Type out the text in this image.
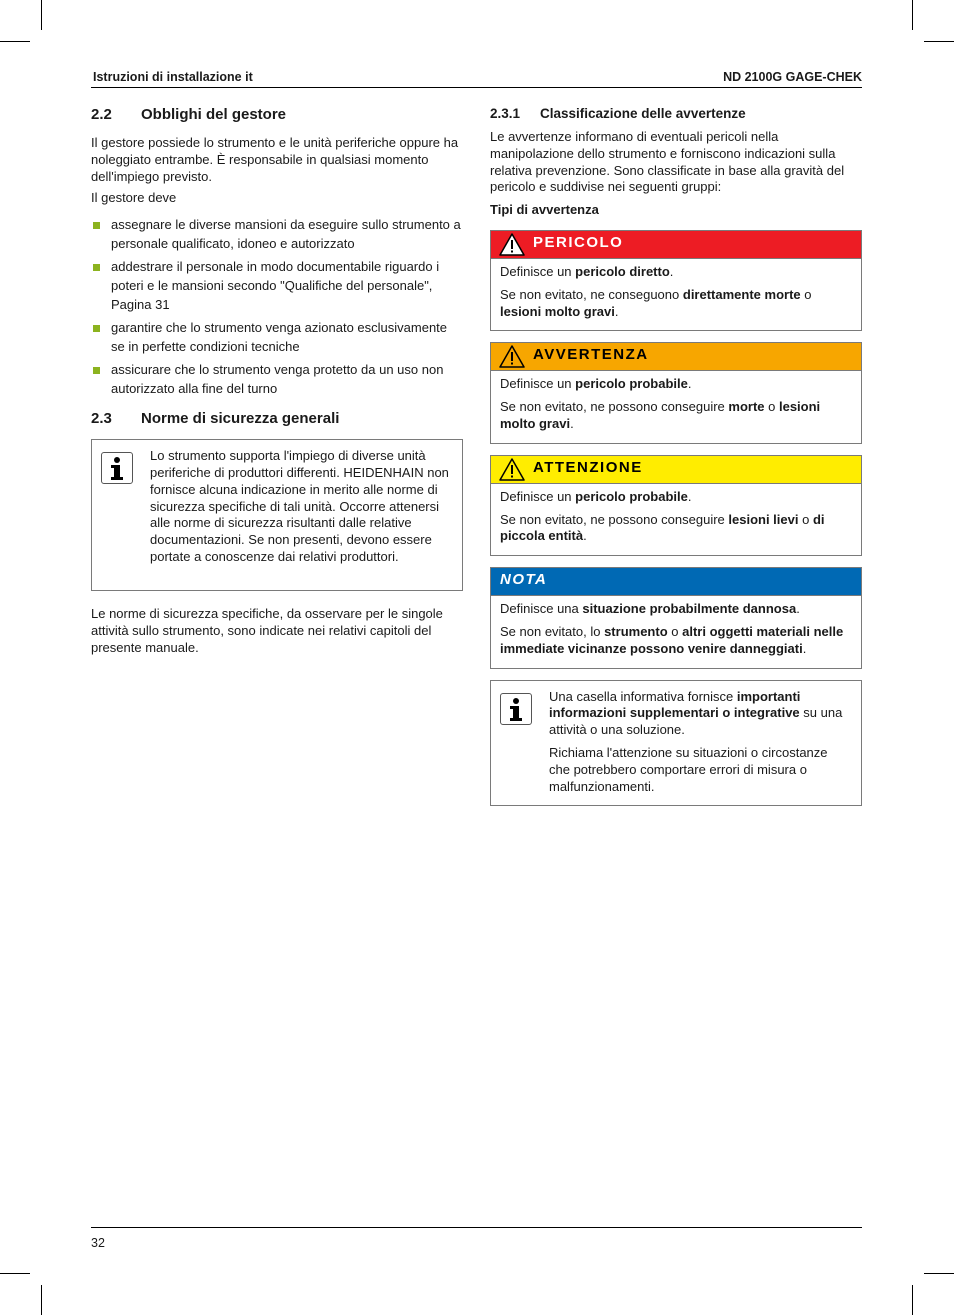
Istruzioni di installazione it	ND 2100G GAGE-CHEK
2.2	Obblighi del gestore

Il gestore possiede lo strumento e le unità periferiche oppure ha noleggiato entrambe. È responsabile in qualsiasi momento dell'impiego previsto.

Il gestore deve

assegnare le diverse mansioni da eseguire sullo strumento a personale qualificato, idoneo e autorizzato
addestrare il personale in modo documentabile riguardo i poteri e le mansioni secondo "Qualifiche del personale", Pagina 31
garantire che lo strumento venga azionato esclusivamente se in perfette condizioni tecniche
assicurare che lo strumento venga protetto da un uso non autorizzato alla fine del turno
2.3	Norme di sicurezza generali
Lo strumento supporta l'impiego di diverse unità periferiche di produttori differenti. HEIDENHAIN non fornisce alcuna indicazione in merito alle norme di sicurezza specifiche di tali unità. Occorre attenersi alle norme di sicurezza risultanti dalle relative documentazioni. Se non presenti, devono essere portate a conoscenze dai relativi produttori.

Le norme di sicurezza specifiche, da osservare per le singole attività sullo strumento, sono indicate nei relativi capitoli del presente manuale.

2.3.1	Classificazione delle avvertenze

Le avvertenze informano di eventuali pericoli nella manipolazione dello strumento e forniscono indicazioni sulla relativa prevenzione. Sono classificate in base alla gravità del pericolo e suddivise nei seguenti gruppi:

Tipi di avvertenza

PERICOLO

Definisce un pericolo diretto.

Se non evitato, ne conseguono direttamente morte o lesioni molto gravi.

AVVERTENZA

Definisce un pericolo probabile.

Se non evitato, ne possono conseguire morte o lesioni molto gravi.

ATTENZIONE

Definisce un pericolo probabile.

Se non evitato, ne possono conseguire lesioni lievi o di piccola entità.

NOTA

Definisce una situazione probabilmente dannosa.

Se non evitato, lo strumento o altri oggetti materiali nelle immediate vicinanze possono venire danneggiati.

Una casella informativa fornisce importanti informazioni supplementari o integrative su una attività o una soluzione.

Richiama l'attenzione su situazioni o circostanze che potrebbero comportare errori di misura o malfunzionamenti.

32
